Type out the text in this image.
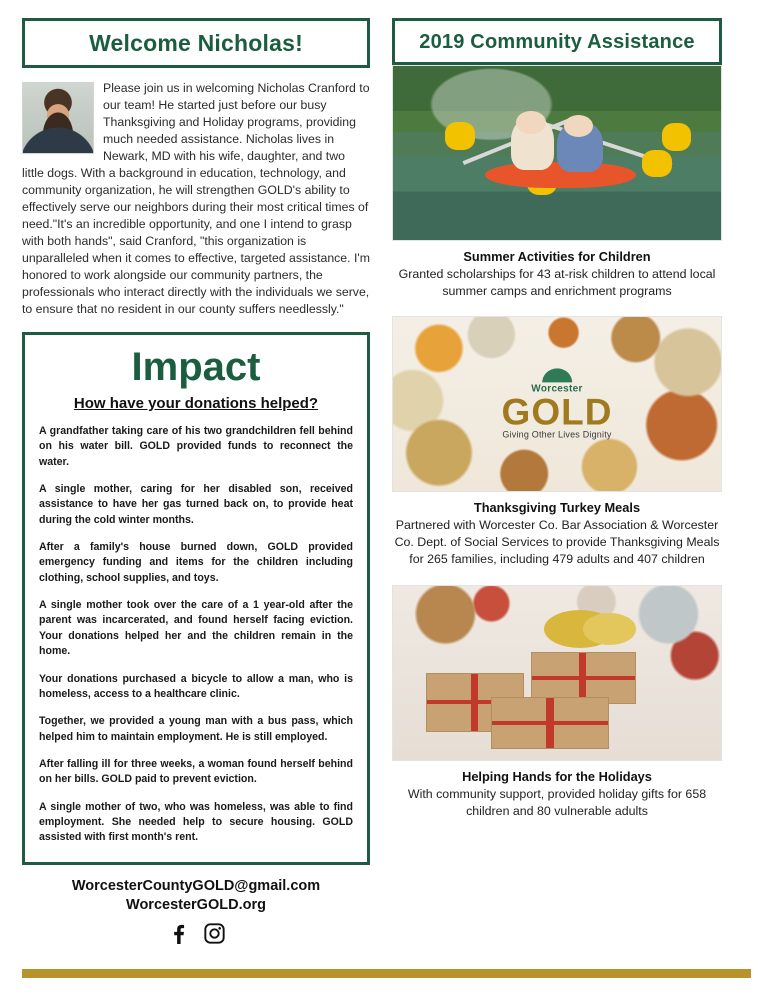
Welcome Nicholas!

Please join us in welcoming Nicholas Cranford to our team! He started just before our busy Thanksgiving and Holiday programs, providing much needed assistance. Nicholas lives in Newark, MD with his wife, daughter, and two little dogs. With a background in education, technology, and community organization, he will strengthen GOLD's ability to effectively serve our neighbors during their most critical times of need."It's an incredible opportunity, and one I intend to grasp with both hands", said Cranford, "this organization is unparalleled when it comes to effective, targeted assistance. I'm honored to work alongside our community partners, the professionals who interact directly with the individuals we serve, to ensure that no resident in our county suffers needlessly."

Impact
How have your donations helped?

A grandfather taking care of his two grandchildren fell behind on his water bill. GOLD provided funds to reconnect the water.

A single mother, caring for her disabled son, received assistance to have her gas turned back on, to provide heat during the cold winter months.

After a family's house burned down, GOLD provided emergency funding and items for the children including clothing, school supplies, and toys.

A single mother took over the care of a 1 year-old after the parent was incarcerated, and found herself facing eviction. Your donations helped her and the children remain in the home.

Your donations purchased a bicycle to allow a man, who is homeless, access to a healthcare clinic.

Together, we provided a young man with a bus pass, which helped him to maintain employment. He is still employed.

After falling ill for three weeks, a woman found herself behind on her bills. GOLD paid to prevent eviction.

A single mother of two, who was homeless, was able to find employment. She needed help to secure housing. GOLD assisted with first month's rent.

WorcesterCountyGOLD@gmail.com
WorcesterGOLD.org
2019 Community Assistance
Summer Activities for Children
Granted scholarships for 43 at-risk children to attend local summer camps and enrichment programs
Worcester
GOLD
Giving Other Lives Dignity
Thanksgiving Turkey Meals
Partnered with Worcester Co. Bar Association & Worcester Co. Dept. of Social Services to provide Thanksgiving Meals for 265 families, including 479 adults and 407 children
Helping Hands for the Holidays
With community support, provided holiday gifts for 658 children and 80 vulnerable adults
